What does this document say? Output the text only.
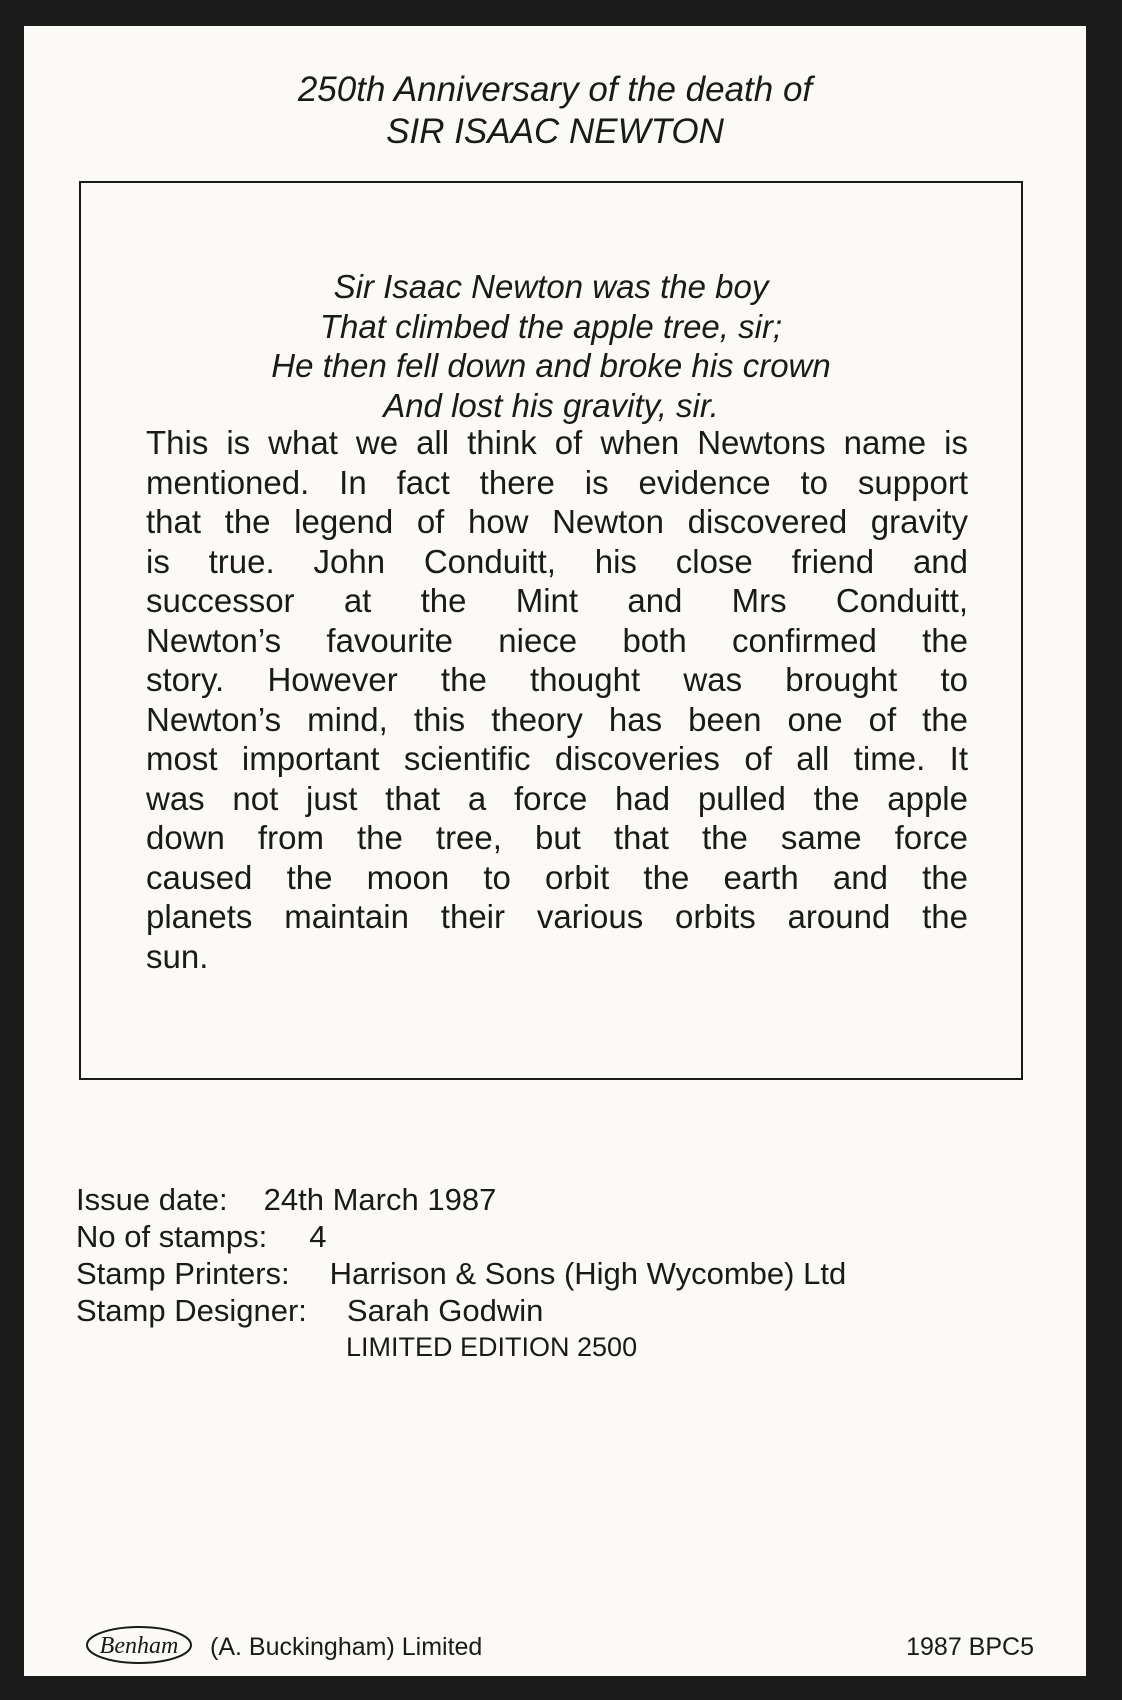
250th Anniversary of the death of
SIR ISAAC NEWTON
Sir Isaac Newton was the boy
That climbed the apple tree, sir;
He then fell down and broke his crown
And lost his gravity, sir.
This is what we all think of when Newtons name is
mentioned. In fact there is evidence to support
that the legend of how Newton discovered gravity
is true. John Conduitt, his close friend and
successor at the Mint and Mrs Conduitt,
Newton’s favourite niece both confirmed the
story. However the thought was brought to
Newton’s mind, this theory has been one of the
most important scientific discoveries of all time. It
was not just that a force had pulled the apple
down from the tree, but that the same force
caused the moon to orbit the earth and the
planets maintain their various orbits around the
sun.
Issue date: 24th March 1987
No of stamps: 4
Stamp Printers: Harrison & Sons (High Wycombe) Ltd
Stamp Designer: Sarah Godwin
LIMITED EDITION 2500
Benham (A. Buckingham) Limited	1987 BPC5
